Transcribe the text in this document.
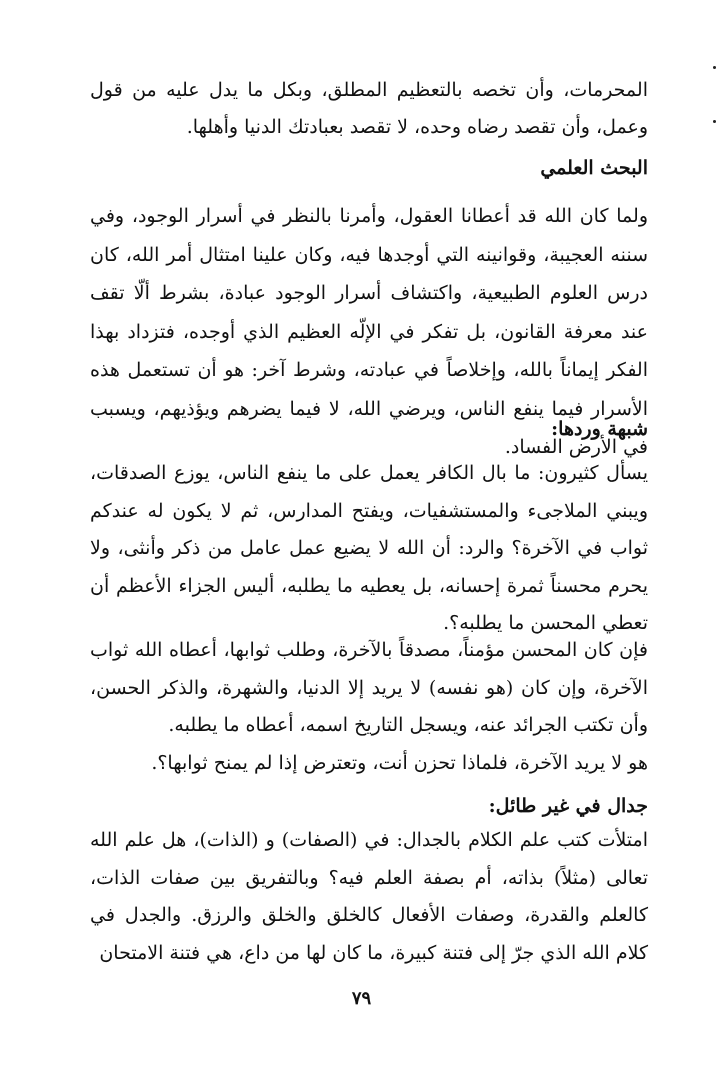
المحرمات، وأن تخصه بالتعظيم المطلق، وبكل ما يدل عليه من قول وعمل، وأن تقصد رضاه وحده، لا تقصد بعبادتك الدنيا وأهلها.

البحث العلمي

ولما كان الله قد أعطانا العقول، وأمرنا بالنظر في أسرار الوجود، وفي سننه العجيبة، وقوانينه التي أوجدها فيه، وكان علينا امتثال أمر الله، كان درس العلوم الطبيعية، واكتشاف أسرار الوجود عبادة، بشرط ألّا تقف عند معرفة القانون، بل تفكر في الإلّه العظيم الذي أوجده، فتزداد بهذا الفكر إيماناً بالله، وإخلاصاً في عبادته، وشرط آخر: هو أن تستعمل هذه الأسرار فيما ينفع الناس، ويرضي الله، لا فيما يضرهم ويؤذيهم، ويسبب في الأرض الفساد.

شبهة وردها:

يسأل كثيرون: ما بال الكافر يعمل على ما ينفع الناس، يوزع الصدقات، ويبني الملاجىء والمستشفيات، ويفتح المدارس، ثم لا يكون له عندكم ثواب في الآخرة؟ والرد: أن الله لا يضيع عمل عامل من ذكر وأنثى، ولا يحرم محسناً ثمرة إحسانه، بل يعطيه ما يطلبه، أليس الجزاء الأعظم أن تعطي المحسن ما يطلبه؟.

فإن كان المحسن مؤمناً، مصدقاً بالآخرة، وطلب ثوابها، أعطاه الله ثواب الآخرة، وإن كان (هو نفسه) لا يريد إلا الدنيا، والشهرة، والذكر الحسن، وأن تكتب الجرائد عنه، ويسجل التاريخ اسمه، أعطاه ما يطلبه.

هو لا يريد الآخرة، فلماذا تحزن أنت، وتعترض إذا لم يمنح ثوابها؟.

جدال في غير طائل:

امتلأت كتب علم الكلام بالجدال: في (الصفات) و (الذات)، هل علم الله تعالى (مثلاً) بذاته، أم بصفة العلم فيه؟ وبالتفريق بين صفات الذات، كالعلم والقدرة، وصفات الأفعال كالخلق والخلق والرزق. والجدل في كلام الله الذي جرّ إلى فتنة كبيرة، ما كان لها من داع، هي فتنة الامتحان

٧٩
